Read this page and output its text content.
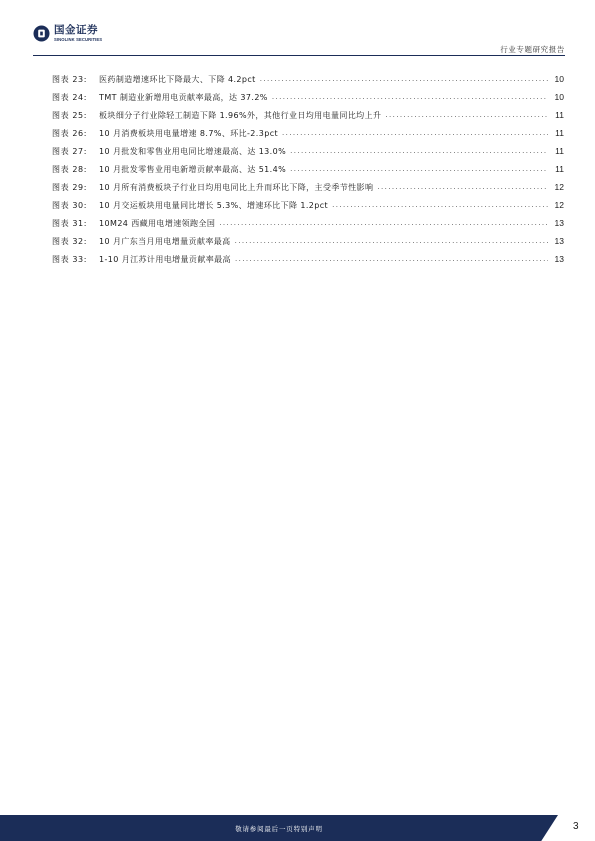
国金证券
SINOLINK SECURITIES
行业专题研究报告
图表 23: 医药制造增速环比下降最大、下降 4.2pct .....	10
图表 24: TMT 制造业新增用电贡献率最高，达 37.2% .....	10
图表 25: 板块细分子行业除轻工制造下降 1.96%外，其他行业日均用电量同比均上升 .....	11
图表 26: 10 月消费板块用电量增速 8.7%、环比-2.3pct .....	11
图表 27: 10 月批发和零售业用电同比增速最高、达 13.0% .....	11
图表 28: 10 月批发零售业用电新增贡献率最高、达 51.4% .....	11
图表 29: 10 月所有消费板块子行业日均用电同比上升而环比下降，主受季节性影响 .....	12
图表 30: 10 月交运板块用电量同比增长 5.3%、增速环比下降 1.2pct .....	12
图表 31: 10M24 西藏用电增速领跑全国 .....	13
图表 32: 10 月广东当月用电增量贡献率最高 .....	13
图表 33: 1-10 月江苏计用电增量贡献率最高 .....	13
敬请参阅最后一页特别声明	3
